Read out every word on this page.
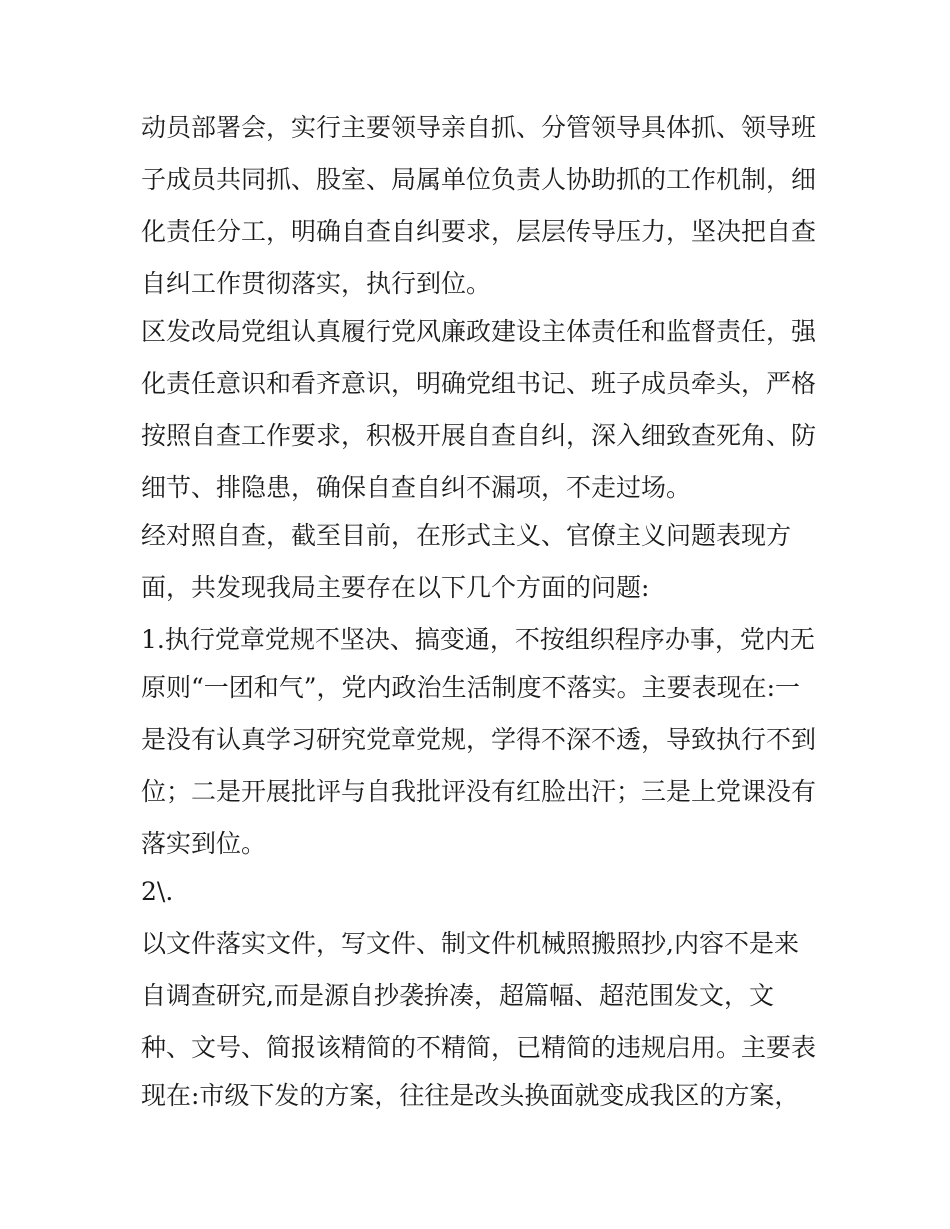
动员部署会，实行主要领导亲自抓、分管领导具体抓、领导班

子成员共同抓、股室、局属单位负责人协助抓的工作机制，细

化责任分工，明确自查自纠要求，层层传导压力，坚决把自查

自纠工作贯彻落实，执行到位。

区发改局党组认真履行党风廉政建设主体责任和监督责任，强

化责任意识和看齐意识，明确党组书记、班子成员牵头，严格

按照自查工作要求，积极开展自查自纠，深入细致查死角、防

细节、排隐患，确保自查自纠不漏项，不走过场。

经对照自查，截至目前，在形式主义、官僚主义问题表现方

面，共发现我局主要存在以下几个方面的问题:

1.执行党章党规不坚决、搞变通，不按组织程序办事，党内无

原则“一团和气”，党内政治生活制度不落实。主要表现在:一

是没有认真学习研究党章党规，学得不深不透，导致执行不到

位；二是开展批评与自我批评没有红脸出汗；三是上党课没有

落实到位。

2\.

以文件落实文件，写文件、制文件机械照搬照抄,内容不是来

自调查研究,而是源自抄袭拚凑，超篇幅、超范围发文，文

种、文号、简报该精简的不精简，已精简的违规启用。主要表

现在:市级下发的方案，往往是改头换面就变成我区的方案，
